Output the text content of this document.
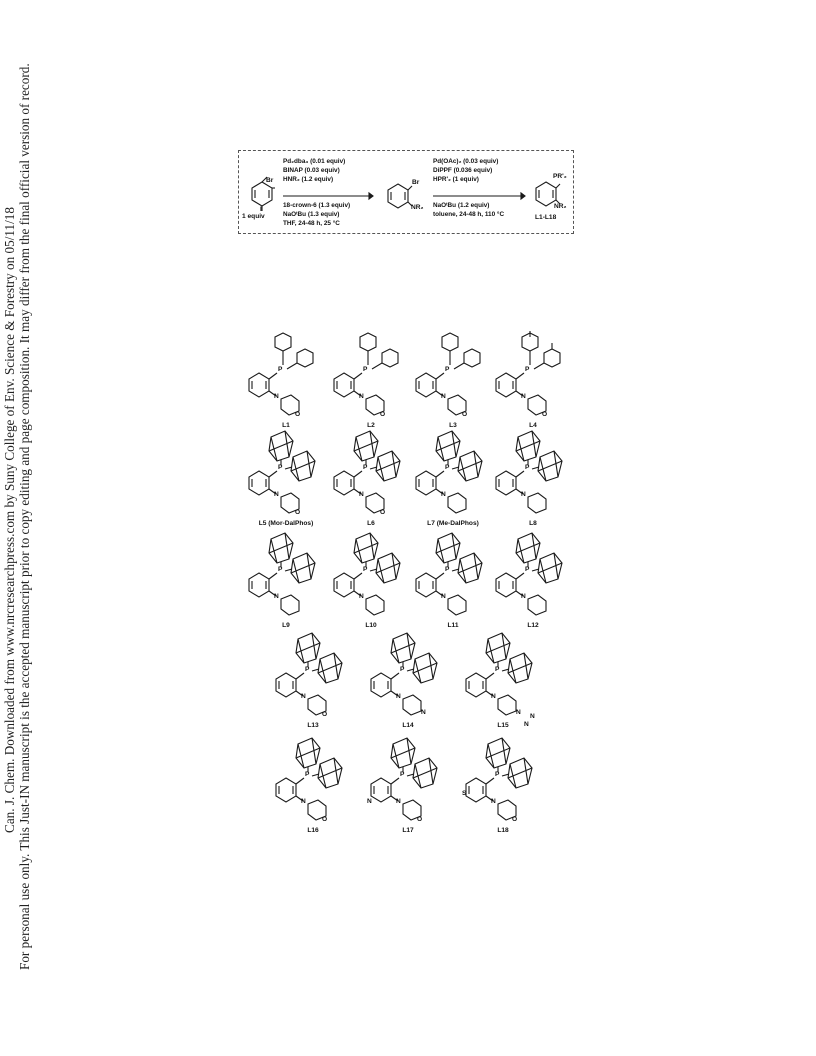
Can. J. Chem. Downloaded from www.nrcresearchpress.com by Suny College of Env. Science & Forestry on 05/11/18 For personal use only. This Just-IN manuscript is the accepted manuscript prior to copy editing and page composition. It may differ from the final official version of record.	Br
I
1 equiv
Pd₂dba₃ (0.01 equiv)
BINAP (0.03 equiv)
HNR₂ (1.2 equiv)
18-crown-6 (1.3 equiv)
NaOᵗBu (1.3 equiv)
THF, 24-48 h, 25 °C
Br
NR₂
Pd(OAc)₂ (0.03 equiv)
DiPPF (0.036 equiv)
HPR'₂ (1 equiv)
NaOᵗBu (1.2 equiv)
toluene, 24-48 h, 110 °C
PR'₂
NR₂
L1-L18
P
N
O
L1
P
N
O
L2
P
N
O
L3
P
N
O
L4
P
N
O
L5 (Mor-DalPhos)
P
N
O
L6
P
N
L7 (Me-DalPhos)
P
N
L8
P
N
L9
P
N
L10
P
N
L11
P
N
L12
P
N
O
L13
P
N
N
L14
P
N
N
N
N
L15
P
N
O
L16
P
N
O
N
L17
P
N
O
S
L18
